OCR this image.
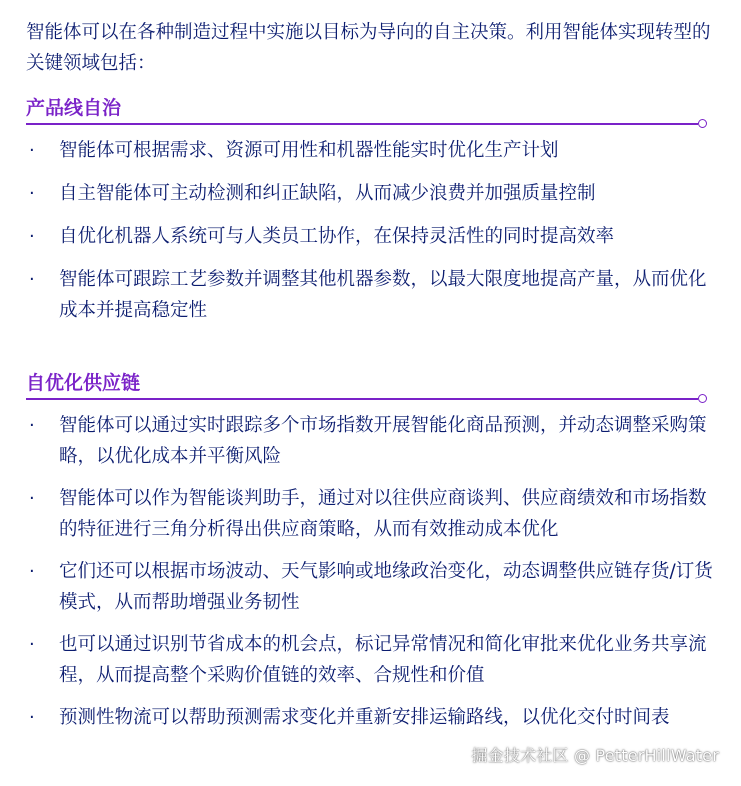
智能体可以在各种制造过程中实施以目标为导向的自主决策。利用智能体实现转型的关键领域包括：

产品线自治
· 智能体可根据需求、资源可用性和机器性能实时优化生产计划
· 自主智能体可主动检测和纠正缺陷，从而减少浪费并加强质量控制
· 自优化机器人系统可与人类员工协作，在保持灵活性的同时提高效率
· 智能体可跟踪工艺参数并调整其他机器参数，以最大限度地提高产量，从而优化成本并提高稳定性
自优化供应链
· 智能体可以通过实时跟踪多个市场指数开展智能化商品预测，并动态调整采购策略，以优化成本并平衡风险
· 智能体可以作为智能谈判助手，通过对以往供应商谈判、供应商绩效和市场指数的特征进行三角分析得出供应商策略，从而有效推动成本优化
· 它们还可以根据市场波动、天气影响或地缘政治变化，动态调整供应链存货/订货模式，从而帮助增强业务韧性
· 也可以通过识别节省成本的机会点，标记异常情况和简化审批来优化业务共享流程，从而提高整个采购价值链的效率、合规性和价值
· 预测性物流可以帮助预测需求变化并重新安排运输路线，以优化交付时间表
掘金技术社区 @ PetterHillWater
